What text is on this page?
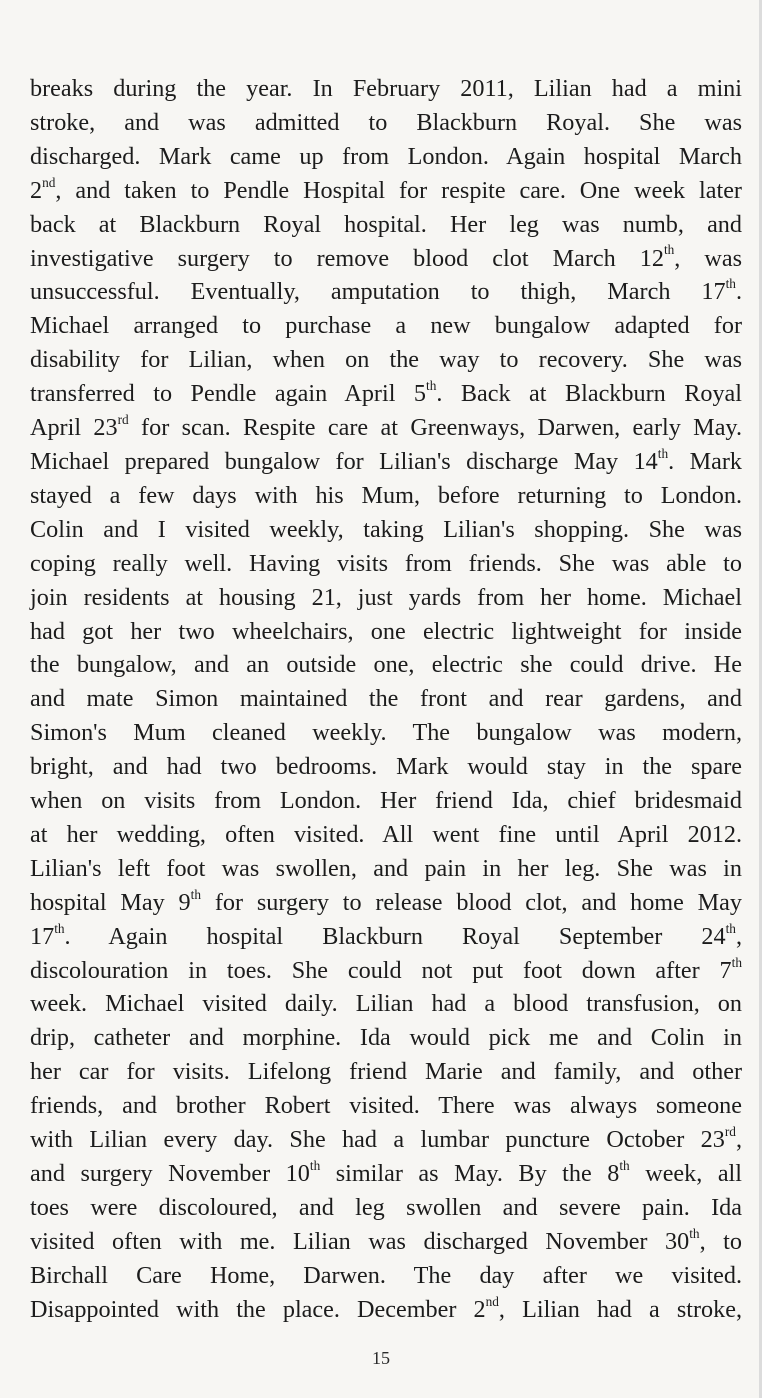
breaks during the year. In February 2011, Lilian had a mini
stroke, and was admitted to Blackburn Royal. She was
discharged. Mark came up from London. Again hospital March
2nd, and taken to Pendle Hospital for respite care. One week later
back at Blackburn Royal hospital. Her leg was numb, and
investigative surgery to remove blood clot March 12th, was
unsuccessful. Eventually, amputation to thigh, March 17th.
Michael arranged to purchase a new bungalow adapted for
disability for Lilian, when on the way to recovery. She was
transferred to Pendle again April 5th. Back at Blackburn Royal
April 23rd for scan. Respite care at Greenways, Darwen, early May.
Michael prepared bungalow for Lilian's discharge May 14th. Mark
stayed a few days with his Mum, before returning to London.
Colin and I visited weekly, taking Lilian's shopping. She was
coping really well. Having visits from friends. She was able to
join residents at housing 21, just yards from her home. Michael
had got her two wheelchairs, one electric lightweight for inside
the bungalow, and an outside one, electric she could drive. He
and mate Simon maintained the front and rear gardens, and
Simon's Mum cleaned weekly. The bungalow was modern,
bright, and had two bedrooms. Mark would stay in the spare
when on visits from London. Her friend Ida, chief bridesmaid
at her wedding, often visited. All went fine until April 2012.
Lilian's left foot was swollen, and pain in her leg. She was in
hospital May 9th for surgery to release blood clot, and home May
17th. Again hospital Blackburn Royal September 24th,
discolouration in toes. She could not put foot down after 7th
week. Michael visited daily. Lilian had a blood transfusion, on
drip, catheter and morphine. Ida would pick me and Colin in
her car for visits. Lifelong friend Marie and family, and other
friends, and brother Robert visited. There was always someone
with Lilian every day. She had a lumbar puncture October 23rd,
and surgery November 10th similar as May. By the 8th week, all
toes were discoloured, and leg swollen and severe pain. Ida
visited often with me. Lilian was discharged November 30th, to
Birchall Care Home, Darwen. The day after we visited.
Disappointed with the place. December 2nd, Lilian had a stroke,
15
